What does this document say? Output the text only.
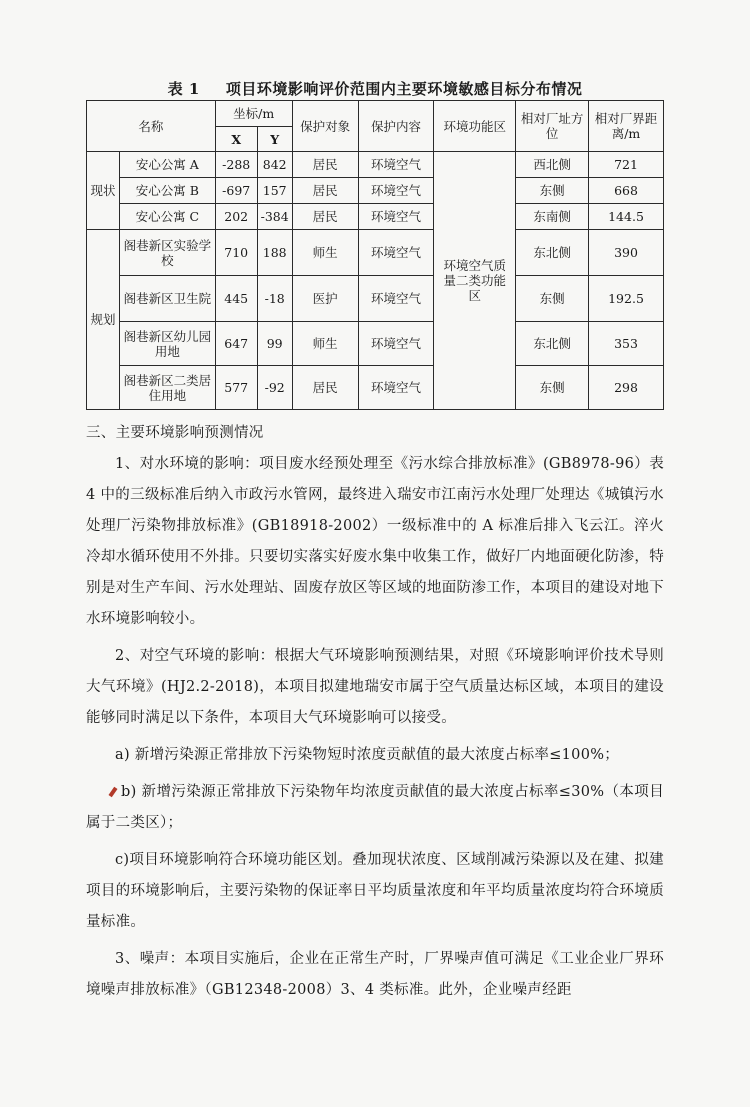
表 1 项目环境影响评价范围内主要环境敏感目标分布情况
名称		坐标/m		保护对象	保护内容	环境功能区	相对厂址方位	相对厂界距离/m
		X	Y					
现状	安心公寓 A	-288	842	居民	环境空气	环境空气质量二类功能区	西北侧	721
	安心公寓 B	-697	157	居民	环境空气		东侧	668
	安心公寓 C	202	-384	居民	环境空气		东南侧	144.5
规划	阁巷新区实验学校	710	188	师生	环境空气		东北侧	390
	阁巷新区卫生院	445	-18	医护	环境空气		东侧	192.5
	阁巷新区幼儿园用地	647	99	师生	环境空气		东北侧	353
	阁巷新区二类居住用地	577	-92	居民	环境空气		东侧	298

三、主要环境影响预测情况

1、对水环境的影响：项目废水经预处理至《污水综合排放标准》(GB8978-96）表 4 中的三级标准后纳入市政污水管网，最终进入瑞安市江南污水处理厂处理达《城镇污水处理厂污染物排放标准》(GB18918-2002）一级标准中的 A 标准后排入飞云江。淬火冷却水循环使用不外排。只要切实落实好废水集中收集工作，做好厂内地面硬化防渗，特别是对生产车间、污水处理站、固废存放区等区域的地面防渗工作，本项目的建设对地下水环境影响较小。

2、对空气环境的影响：根据大气环境影响预测结果，对照《环境影响评价技术导则 大气环境》(HJ2.2-2018)，本项目拟建地瑞安市属于空气质量达标区域，本项目的建设能够同时满足以下条件，本项目大气环境影响可以接受。

a) 新增污染源正常排放下污染物短时浓度贡献值的最大浓度占标率≤100%；

b) 新增污染源正常排放下污染物年均浓度贡献值的最大浓度占标率≤30%（本项目属于二类区）；

c)项目环境影响符合环境功能区划。叠加现状浓度、区域削减污染源以及在建、拟建项目的环境影响后，主要污染物的保证率日平均质量浓度和年平均质量浓度均符合环境质量标准。

3、噪声：本项目实施后，企业在正常生产时，厂界噪声值可满足《工业企业厂界环境噪声排放标准》（GB12348-2008）3、4 类标准。此外，企业噪声经距
